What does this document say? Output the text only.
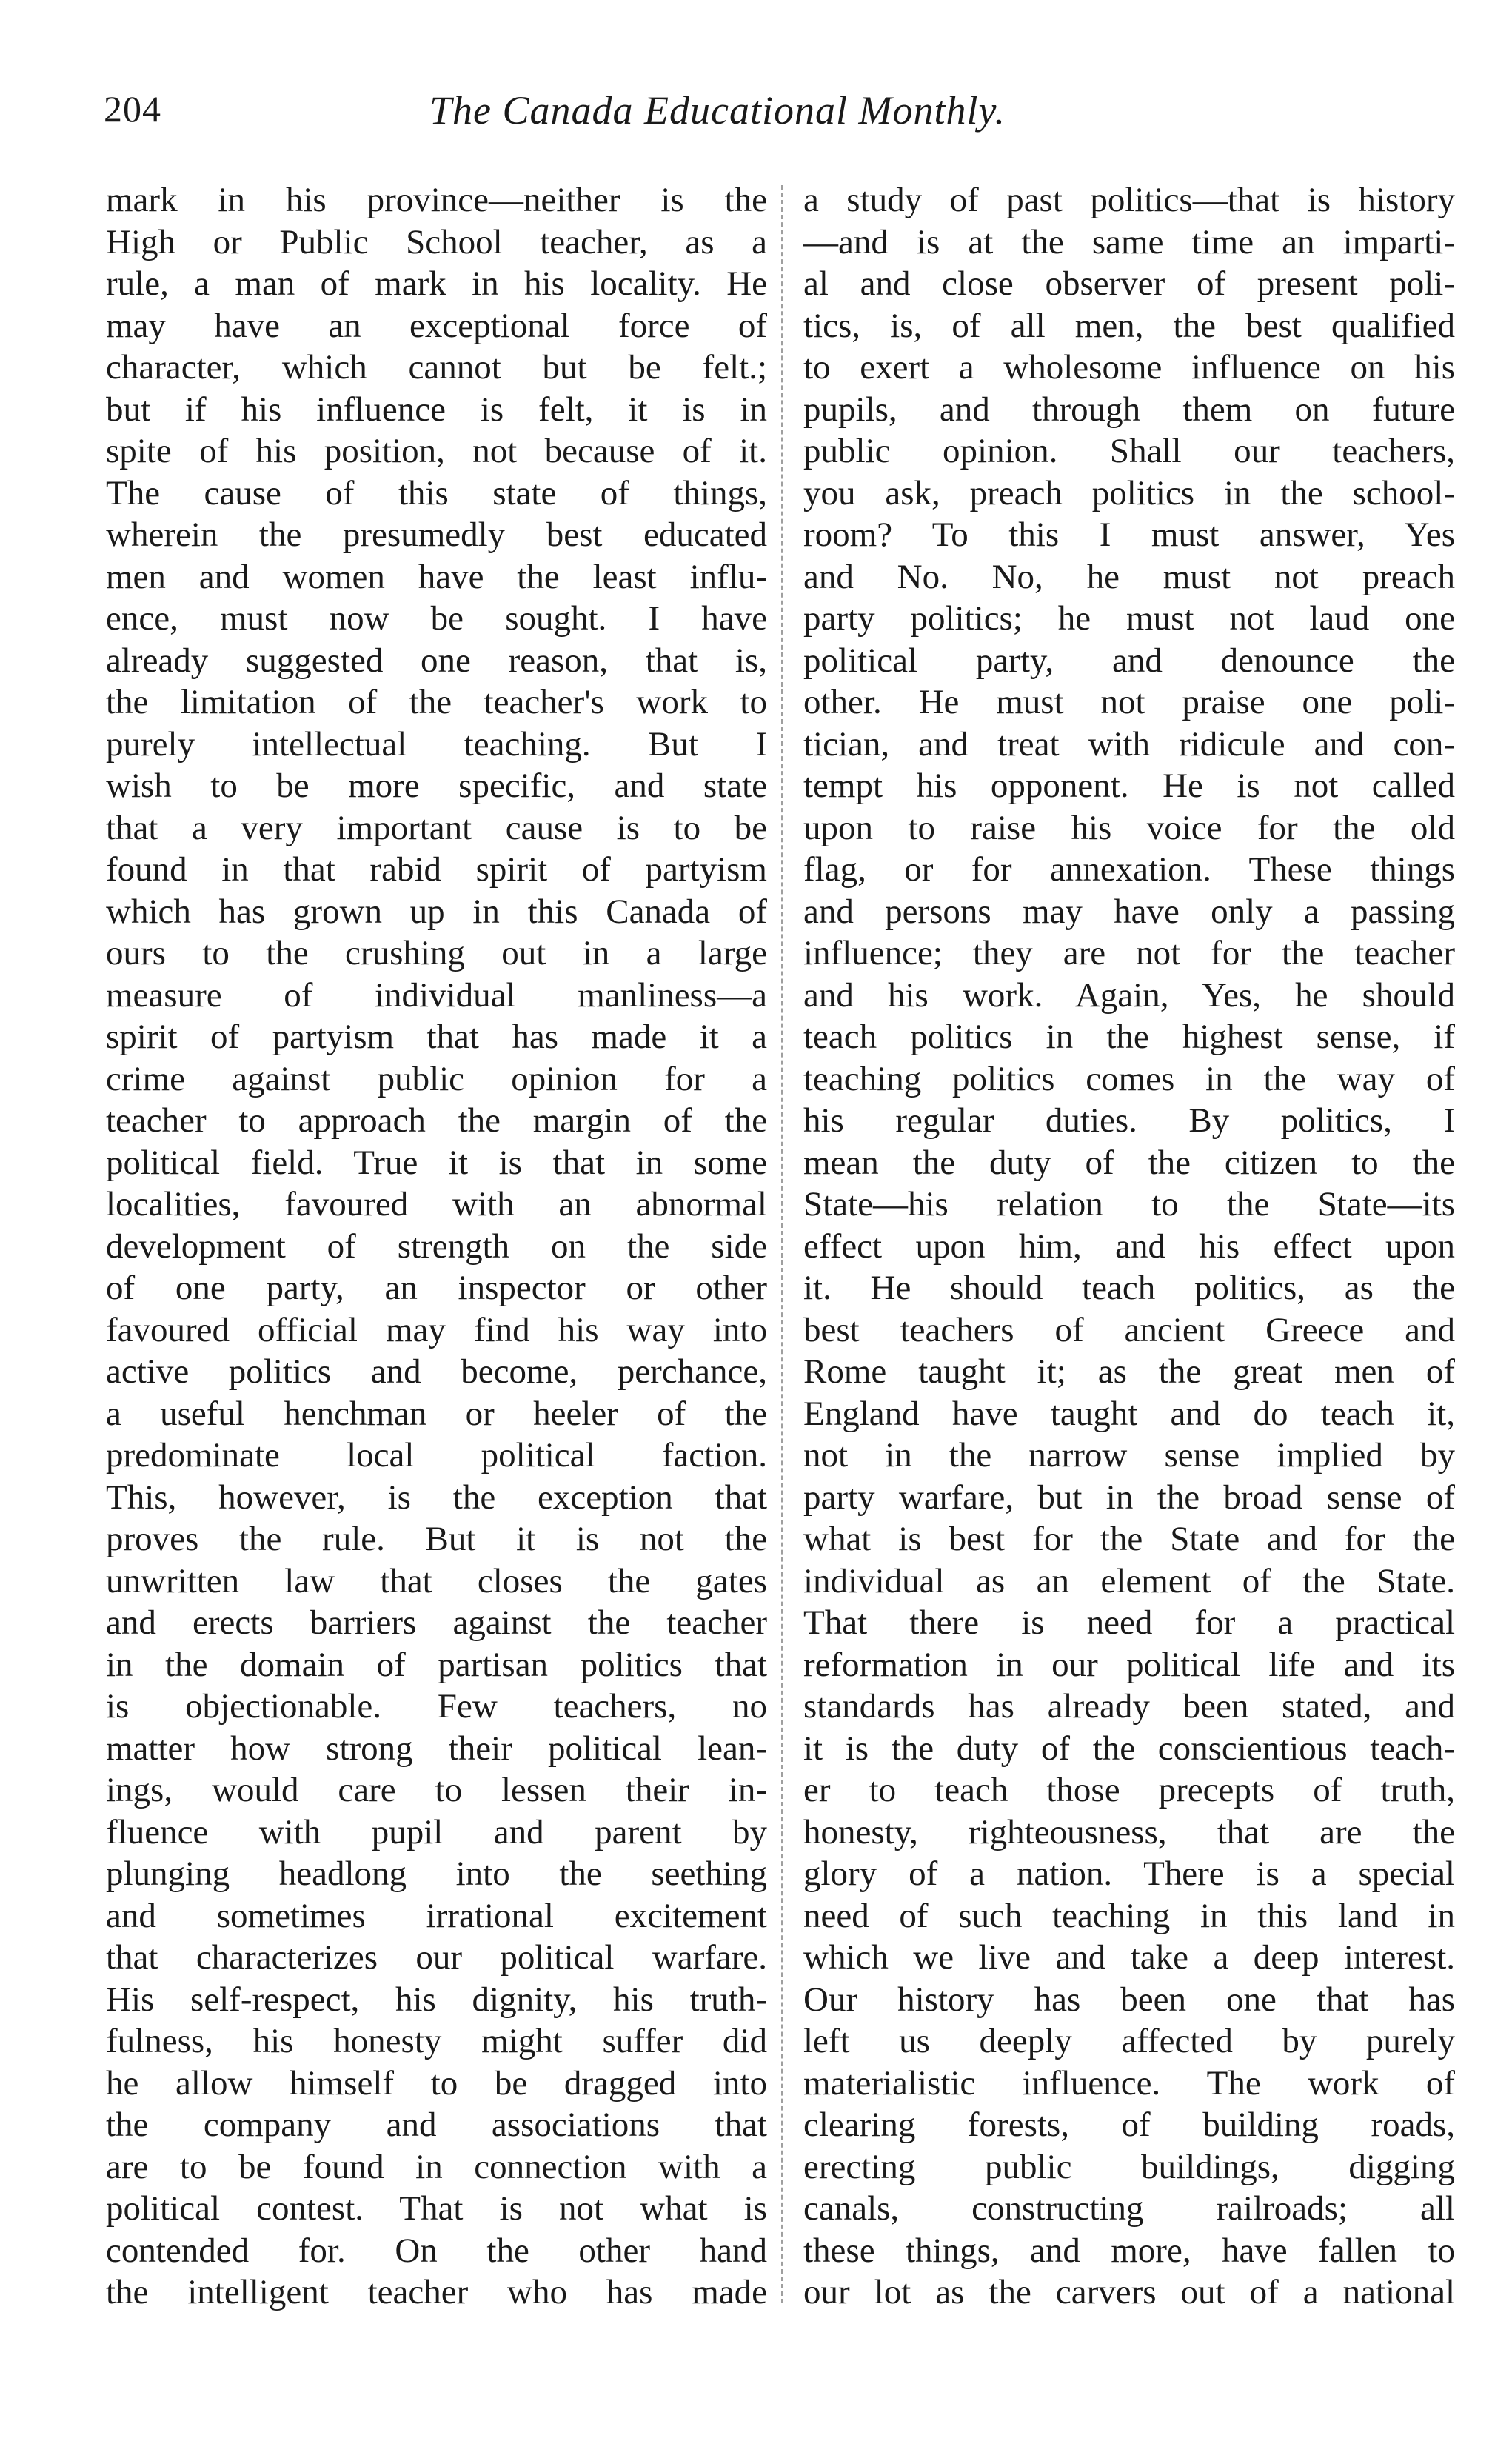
204	The Canada Educational Monthly.
mark in his province—neither is the
High or Public School teacher, as a
rule, a man of mark in his locality. He
may have an exceptional force of
character, which cannot but be felt.;
but if his influence is felt, it is in
spite of his position, not because of it.
The cause of this state of things,
wherein the presumedly best educated
men and women have the least influ-
ence, must now be sought. I have
already suggested one reason, that is,
the limitation of the teacher's work to
purely intellectual teaching. But I
wish to be more specific, and state
that a very important cause is to be
found in that rabid spirit of partyism
which has grown up in this Canada of
ours to the crushing out in a large
measure of individual manliness—a
spirit of partyism that has made it a
crime against public opinion for a
teacher to approach the margin of the
political field. True it is that in some
localities, favoured with an abnormal
development of strength on the side
of one party, an inspector or other
favoured official may find his way into
active politics and become, perchance,
a useful henchman or heeler of the
predominate local political faction.
This, however, is the exception that
proves the rule. But it is not the
unwritten law that closes the gates
and erects barriers against the teacher
in the domain of partisan politics that
is objectionable. Few teachers, no
matter how strong their political lean-
ings, would care to lessen their in-
fluence with pupil and parent by
plunging headlong into the seething
and sometimes irrational excitement
that characterizes our political warfare.
His self-respect, his dignity, his truth-
fulness, his honesty might suffer did
he allow himself to be dragged into
the company and associations that
are to be found in connection with a
political contest. That is not what is
contended for. On the other hand
the intelligent teacher who has made
a study of past politics—that is history
—and is at the same time an imparti-
al and close observer of present poli-
tics, is, of all men, the best qualified
to exert a wholesome influence on his
pupils, and through them on future
public opinion. Shall our teachers,
you ask, preach politics in the school-
room? To this I must answer, Yes
and No. No, he must not preach
party politics; he must not laud one
political party, and denounce the
other. He must not praise one poli-
tician, and treat with ridicule and con-
tempt his opponent. He is not called
upon to raise his voice for the old
flag, or for annexation. These things
and persons may have only a passing
influence; they are not for the teacher
and his work. Again, Yes, he should
teach politics in the highest sense, if
teaching politics comes in the way of
his regular duties. By politics, I
mean the duty of the citizen to the
State—his relation to the State—its
effect upon him, and his effect upon
it. He should teach politics, as the
best teachers of ancient Greece and
Rome taught it; as the great men of
England have taught and do teach it,
not in the narrow sense implied by
party warfare, but in the broad sense of
what is best for the State and for the
individual as an element of the State.
That there is need for a practical
reformation in our political life and its
standards has already been stated, and
it is the duty of the conscientious teach-
er to teach those precepts of truth,
honesty, righteousness, that are the
glory of a nation. There is a special
need of such teaching in this land in
which we live and take a deep interest.
Our history has been one that has
left us deeply affected by purely
materialistic influence. The work of
clearing forests, of building roads,
erecting public buildings, digging
canals, constructing railroads; all
these things, and more, have fallen to
our lot as the carvers out of a national
